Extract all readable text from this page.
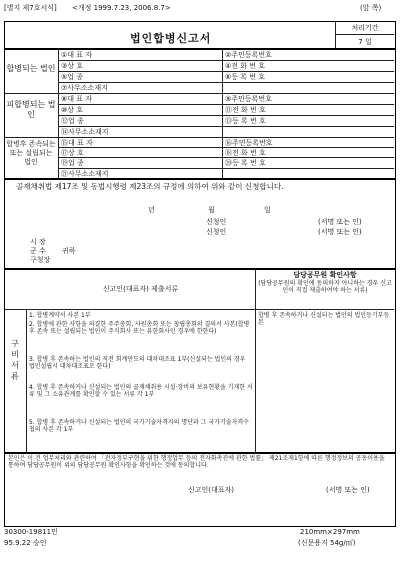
[별지 제7호서식] <개정 1999.7.23, 2006.8.7>	(앞 쪽)
법인합병신고서
처리기간
7 일
합병되는 법인
피합병되는 법인
합병후 존속되는 또는 설립되는 법인
①대 표 자	②주민등록번호
③상 호	④전 화 번 호
⑤업 종	⑥등 록 번 호
⑦사무소소재지
⑧대 표 자	⑨주민등록번호
⑩상 호	⑪전 화 번 호
⑫업 종	⑬등 록 번 호
⑭사무소소재지
⑮대 표 자	⑯주민등록번호
⑰상 호	⑱전 화 번 호
⑲업 종	⑳등 록 번 호
㉑사무소소재지
골재채취법 제17조 및 동법시행령 제23조의 규정에 의하여 위와 같이 신청합니다.
년	월	일
신청인	(서명 또는 인)
신청인	(서명 또는 인)
시 장
군 수 귀하
구청장
신고인(대표자) 제출서류
담당공무원 확인사항
(담당공무원의 확인에 동의하지 아니하는 경우 신고인이 직접 제출하여야 하는 서류)
구비서류
1. 합병계약서 사본 1부
2. 합병에 관한 사항을 의결한 주주총회, 사원총회 또는 창립총회의 결의서 사본(합병 후 존속 또는 설립되는 법인이 주식회사 또는 유한회사인 경우에 한한다)
3. 합병 후 존속하는 법인의 직전 회계연도의 대차대조표 1부(신설되는 법인의 경우 법인설립시 대차대조표로 한다)
4. 합병 후 존속하거나 신설되는 법인의 골재채취용 시설·장비의 보유현황을 기재한 서류 및 그 소유관계를 확인할 수 있는 서류 각 1부
5. 합병 후 존속하거나 신설되는 법인의 국가기술자격자의 명단과 그 국가기술자격수첩의 사본 각 1부
합병 후 존속하거나 신설되는 법인의 법인등기부등본
본인은 이 건 업무처리와 관련하여 「전자정부구현을 위한 행정업무 등의 전자화촉진에 관한 법률」 제21조제1항에 따른 행정정보의 공동이용을 통하여 담당공무원이 위의 담당공무원 확인사항을 확인하는 것에 동의합니다.
신고인(대표자)	(서명 또는 인)
30300-19811민
95.9.22 승인
210mm×297mm
(신문용지 54g/㎡)
